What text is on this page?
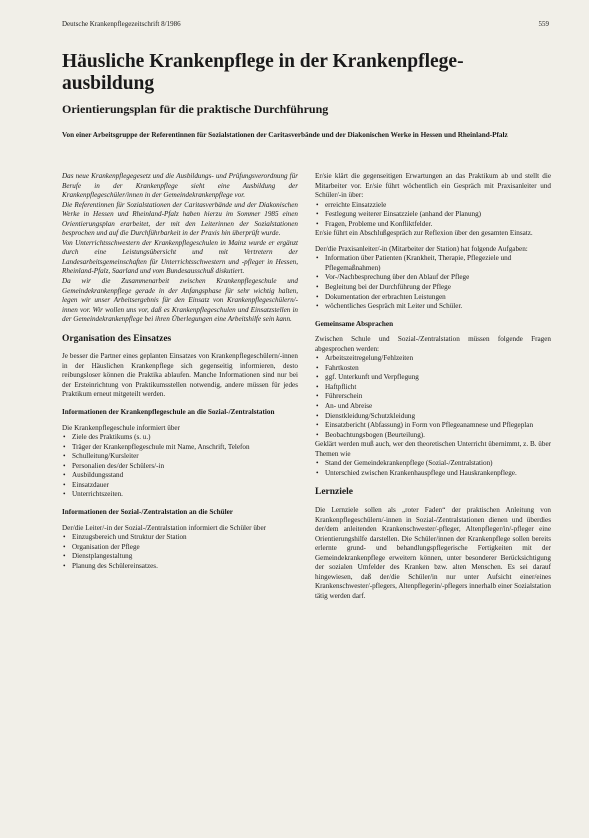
Deutsche Krankenpflegezeitschrift 8/1986	559
Häusliche Krankenpflege in der Krankenpflege-ausbildung
Orientierungsplan für die praktische Durchführung
Von einer Arbeitsgruppe der Referentinnen für Sozialstationen der Caritasverbände und der Diakonischen Werke in Hessen und Rheinland-Pfalz

Das neue Krankenpflegegesetz und die Ausbildungs- und Prüfungsverordnung für Berufe in der Krankenpflege sieht eine Ausbildung der Krankenpflegeschüler/innen in der Gemeindekrankenpflege vor.

Die Referentinnen für Sozialstationen der Caritasverbände und der Diakonischen Werke in Hessen und Rheinland-Pfalz haben hierzu im Sommer 1985 einen Orientierungsplan erarbeitet, der mit den Leiterinnen der Sozialstationen besprochen und auf die Durchführbarkeit in der Praxis hin überprüft wurde.

Von Unterrichtsschwestern der Krankenpflegeschulen in Mainz wurde er ergänzt durch eine Leistungsübersicht und mit Vertretern der Landesarbeitsgemeinschaften für Unterrichtsschwestern und -pfleger in Hessen, Rheinland-Pfalz, Saarland und vom Bundesausschuß diskutiert.

Da wir die Zusammenarbeit zwischen Krankenpflegeschule und Gemeindekrankenpflege gerade in der Anfangsphase für sehr wichtig halten, legen wir unser Arbeitsergebnis für den Einsatz von Krankenpflegeschülern/-innen vor. Wir wollen uns vor, daß es Krankenpflegeschulen und Einsatzstellen in der Gemeindekrankenpflege bei ihren Überlegungen eine Arbeitshilfe sein kann.

Organisation des Einsatzes

Je besser die Partner eines geplanten Einsatzes von Krankenpflegeschülern/-innen in der Häuslichen Krankenpflege sich gegenseitig informieren, desto reibungsloser können die Praktika ablaufen. Manche Informationen sind nur bei der Ersteinrichtung von Praktikumsstellen notwendig, andere müssen für jedes Praktikum erneut mitgeteilt werden.

Informationen der Krankenpflegeschule an die Sozial-/Zentralstation

Die Krankenpflegeschule informiert über

• Ziele des Praktikums (s. u.)
• Träger der Krankenpflegeschule mit Name, Anschrift, Telefon
• Schulleitung/Kursleiter
• Personalien des/der Schülers/-in
• Ausbildungsstand
• Einsatzdauer
• Unterrichtszeiten.
Informationen der Sozial-/Zentralstation an die Schüler

Der/die Leiter/-in der Sozial-/Zentralstation informiert die Schüler über

• Einzugsbereich und Struktur der Station
• Organisation der Pflege
• Dienstplangestaltung
• Planung des Schülereinsatzes.

Er/sie klärt die gegenseitigen Erwartungen an das Praktikum ab und stellt die Mitarbeiter vor. Er/sie führt wöchentlich ein Gespräch mit Praxisanleiter und Schüler/-in über:

• erreichte Einsatzziele
• Festlegung weiterer Einsatzziele (anhand der Planung)
• Fragen, Probleme und Konfliktfelder.

Er/sie führt ein Abschlußgespräch zur Reflexion über den gesamten Einsatz.

Der/die Praxisanleiter/-in (Mitarbeiter der Station) hat folgende Aufgaben:

• Information über Patienten (Krankheit, Therapie, Pflegeziele und Pflegemaßnahmen)
• Vor-/Nachbesprechung über den Ablauf der Pflege
• Begleitung bei der Durchführung der Pflege
• Dokumentation der erbrachten Leistungen
• wöchentliches Gespräch mit Leiter und Schüler.
Gemeinsame Absprachen

Zwischen Schule und Sozial-/Zentralstation müssen folgende Fragen abgesprochen werden:

• Arbeitszeitregelung/Fehlzeiten
• Fahrtkosten
• ggf. Unterkunft und Verpflegung
• Haftpflicht
• Führerschein
• An- und Abreise
• Dienstkleidung/Schutzkleidung
• Einsatzbericht (Abfassung) in Form von Pflegeanamnese und Pflegeplan
• Beobachtungsbogen (Beurteilung).

Geklärt werden muß auch, wer den theoretischen Unterricht übernimmt, z. B. über Themen wie

• Stand der Gemeindekrankenpflege (Sozial-/Zentralstation)
• Unterschied zwischen Krankenhauspflege und Hauskrankenpflege.
Lernziele

Die Lernziele sollen als „roter Faden“ der praktischen Anleitung von Krankenpflegeschülern/-innen in Sozial-/Zentralstationen dienen und überdies der/dem anleitenden Krankenschwester/-pfleger, Altenpfleger/in/-pfleger eine Orientierungshilfe darstellen. Die Schüler/innen der Krankenpflege sollen bereits erlernte grund- und behandlungspflegerische Fertigkeiten mit der Gemeindekrankenpflege erweitern können, unter besonderer Berücksichtigung der sozialen Umfelder des Kranken bzw. alten Menschen. Es sei darauf hingewiesen, daß der/die Schüler/in nur unter Aufsicht einer/eines Krankenschwester/-pflegers, Altenpflegerin/-pflegers innerhalb einer Sozialstation tätig werden darf.
